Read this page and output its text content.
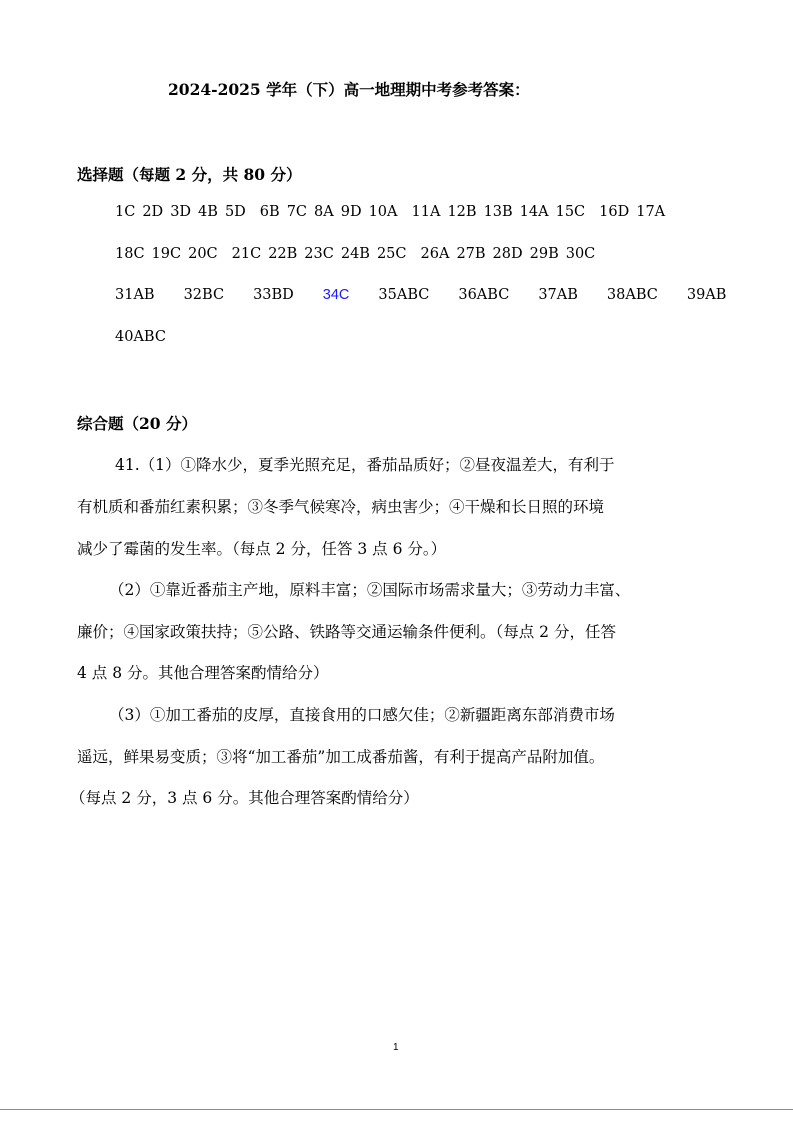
2024-2025 学年（下）高一地理期中考参考答案：
选择题（每题 2 分，共 80 分）
1C 2D 3D 4B 5D 6B 7C 8A 9D 10A 11A 12B 13B 14A 15C 16D 17A
18C 19C 20C 21C 22B 23C 24B 25C 26A 27B 28D 29B 30C
31AB 32BC 33BD 34C 35ABC 36ABC 37AB 38ABC 39AB
40ABC
综合题（20 分）
41.（1）①降水少，夏季光照充足，番茄品质好；②昼夜温差大，有利于
有机质和番茄红素积累；③冬季气候寒冷，病虫害少；④干燥和长日照的环境
减少了霉菌的发生率。（每点 2 分，任答 3 点 6 分。）
（2）①靠近番茄主产地，原料丰富；②国际市场需求量大；③劳动力丰富、
廉价；④国家政策扶持；⑤公路、铁路等交通运输条件便利。（每点 2 分，任答
4 点 8 分。其他合理答案酌情给分）
（3）①加工番茄的皮厚，直接食用的口感欠佳；②新疆距离东部消费市场
遥远，鲜果易变质；③将“加工番茄”加工成番茄酱，有利于提高产品附加值。
（每点 2 分，3 点 6 分。其他合理答案酌情给分）
1
